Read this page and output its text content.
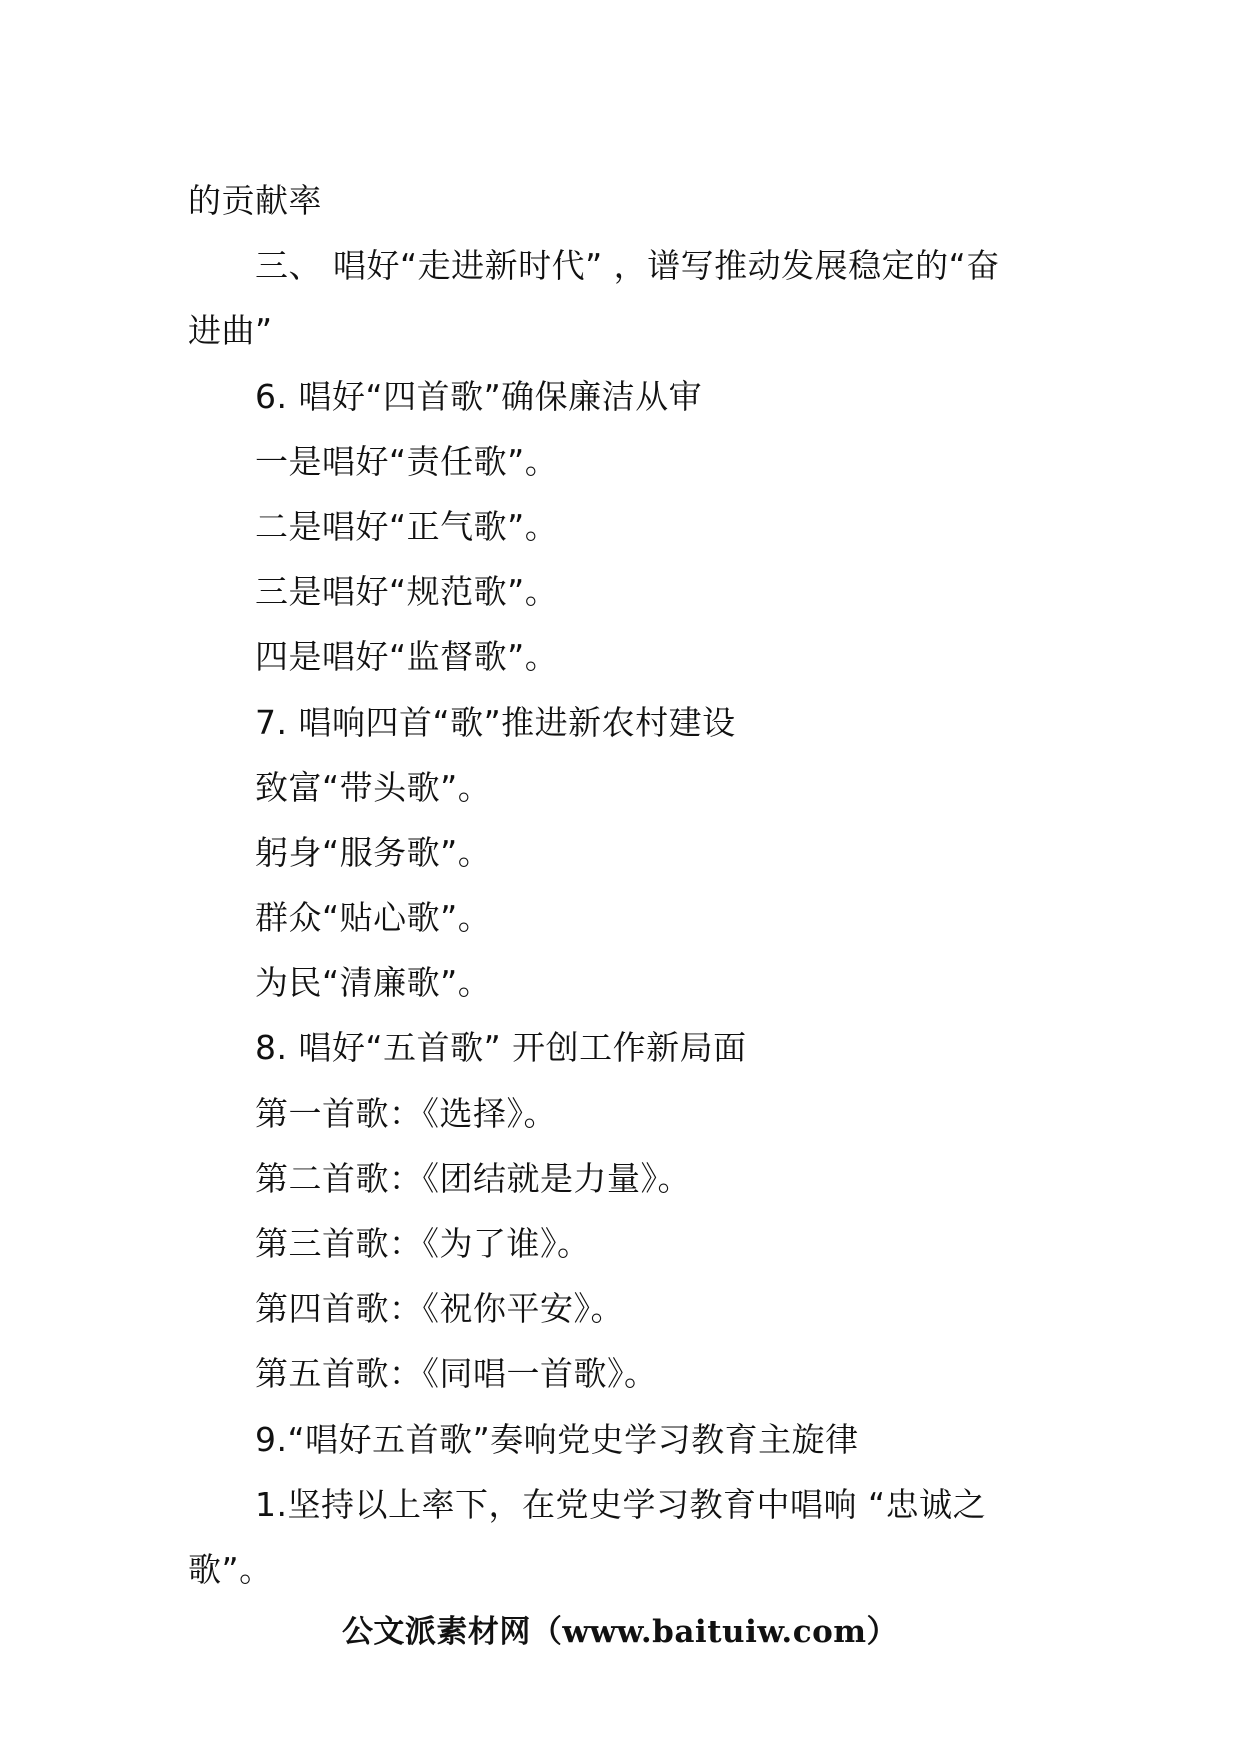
的贡献率
三、 唱好“走进新时代” ，谱写推动发展稳定的“奋
进曲”
6. 唱好“四首歌”确保廉洁从审
一是唱好“责任歌”。
二是唱好“正气歌”。
三是唱好“规范歌”。
四是唱好“监督歌”。
7. 唱响四首“歌”推进新农村建设
致富“带头歌”。
躬身“服务歌”。
群众“贴心歌”。
为民“清廉歌”。
8. 唱好“五首歌” 开创工作新局面
第一首歌：《选择》。
第二首歌：《团结就是力量》。
第三首歌：《为了谁》。
第四首歌：《祝你平安》。
第五首歌：《同唱一首歌》。
9.“唱好五首歌”奏响党史学习教育主旋律
1.坚持以上率下，在党史学习教育中唱响 “忠诚之
歌”。
公文派素材网（www.baituiw.com）
